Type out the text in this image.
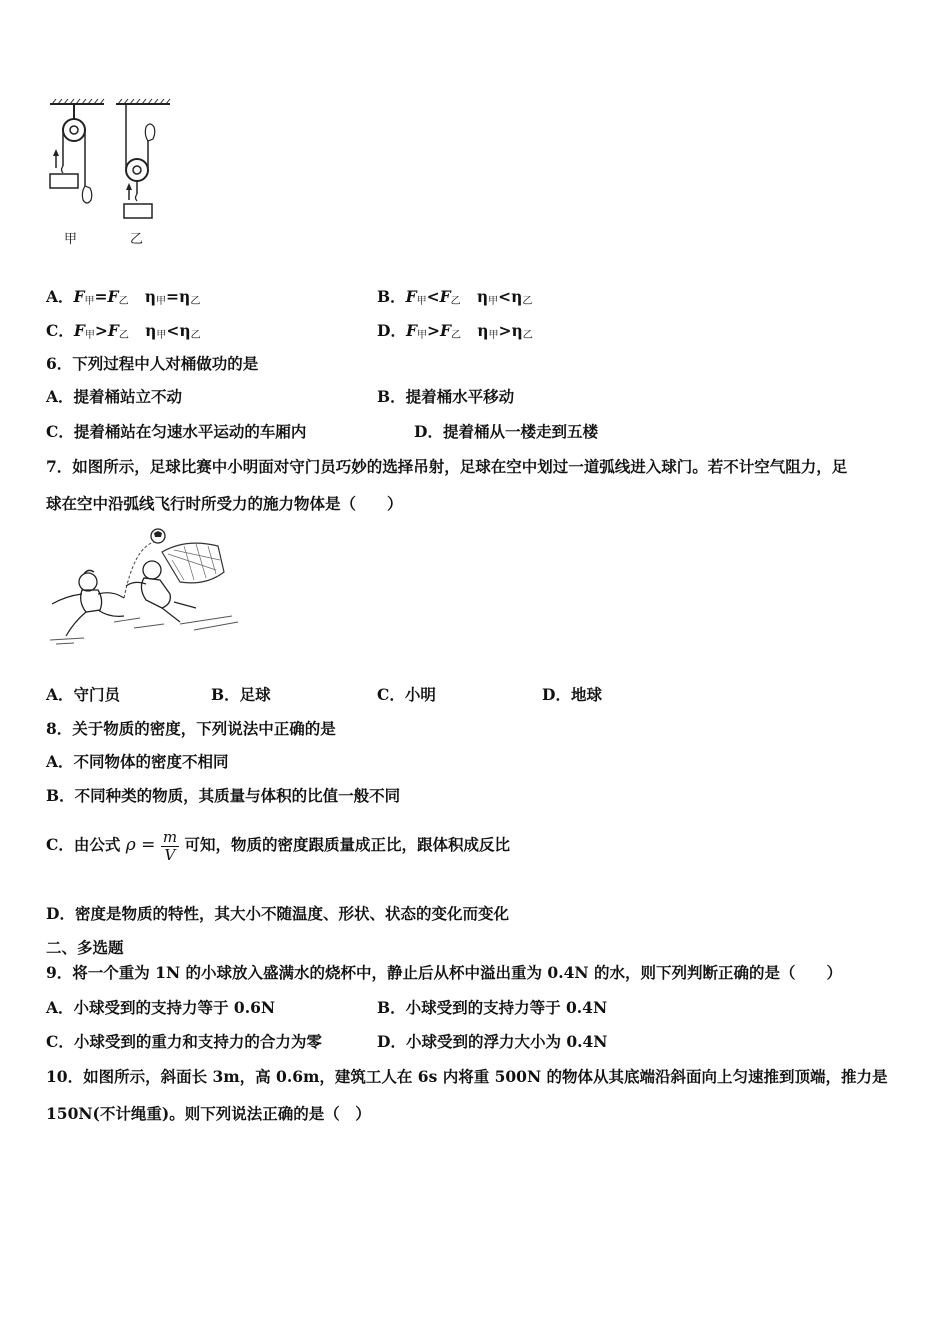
甲	乙
A．$F_甲=F_乙$ $\eta_甲=\eta_乙$	B．$F_甲<F_乙$ $\eta_甲<\eta_乙$
C．$F_甲>F_乙$ $\eta_甲<\eta_乙$	D．$F_甲>F_乙$ $\eta_甲>\eta_乙$
6．下列过程中人对桶做功的是
A．提着桶站立不动	B．提着桶水平移动
C．提着桶站在匀速水平运动的车厢内	D．提着桶从一楼走到五楼
7．如图所示，足球比赛中小明面对守门员巧妙的选择吊射，足球在空中划过一道弧线进入球门。若不计空气阻力，足
球在空中沿弧线飞行时所受力的施力物体是（　　）
A．守门员	B．足球	C．小明	D．地球
8．关于物质的密度，下列说法中正确的是
A．不同物体的密度不相同
B．不同种类的物质，其质量与体积的比值一般不同
C．由公式 $\rho = \frac{m}{V}$ 可知，物质的密度跟质量成正比，跟体积成反比
D．密度是物质的特性，其大小不随温度、形状、状态的变化而变化
二、多选题
9．将一个重为 1N 的小球放入盛满水的烧杯中，静止后从杯中溢出重为 0.4N 的水，则下列判断正确的是（　　）
A．小球受到的支持力等于 0.6N	B．小球受到的支持力等于 0.4N
C．小球受到的重力和支持力的合力为零	D．小球受到的浮力大小为 0.4N
10．如图所示，斜面长 3m，高 0.6m，建筑工人在 6s 内将重 500N 的物体从其底端沿斜面向上匀速推到顶端，推力是
150N(不计绳重)。则下列说法正确的是（　）
